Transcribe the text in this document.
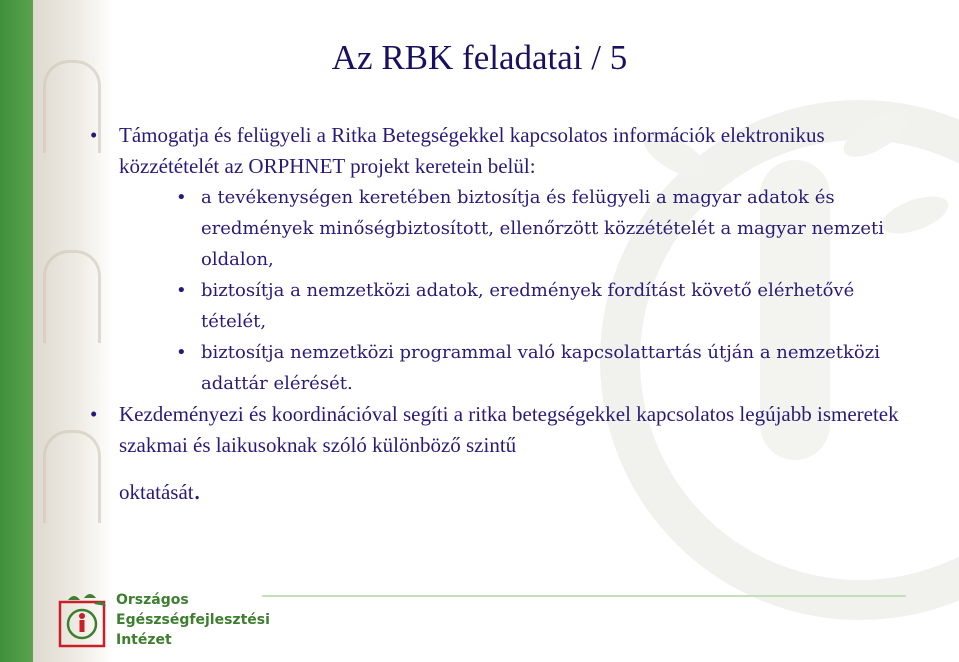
Az RBK feladatai / 5

• Támogatja és felügyeli a Ritka Betegségekkel kapcsolatos információk elektronikus közzétételét az ORPHNET projekt keretein belül:

• a tevékenységen keretében biztosítja és felügyeli a magyar adatok és eredmények minőségbiztosított, ellenőrzött közzétételét a magyar nemzeti oldalon,
• biztosítja a nemzetközi adatok, eredmények fordítást követő elérhetővé tételét,
• biztosítja nemzetközi programmal való kapcsolattartás útján a nemzetközi adattár elérését.

• Kezdeményezi és koordinációval segíti a ritka betegségekkel kapcsolatos legújabb ismeretek szakmai és laikusoknak szóló különböző szintű
oktatását.

Országos
Egészségfejlesztési
Intézet
